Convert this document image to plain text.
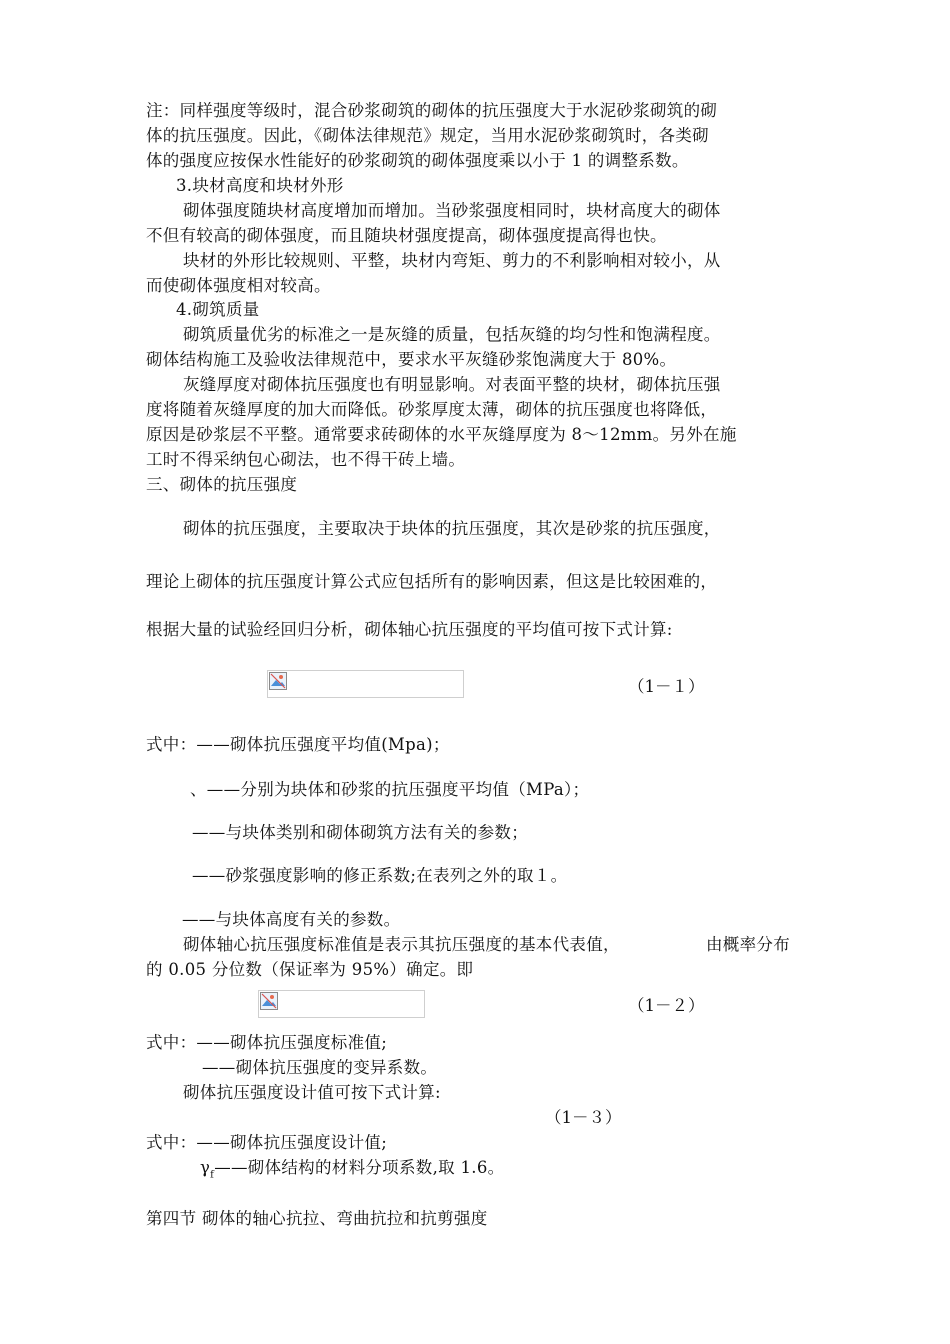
注：同样强度等级时，混合砂浆砌筑的砌体的抗压强度大于水泥砂浆砌筑的砌
体的抗压强度。因此，《砌体法律规范》规定，当用水泥砂浆砌筑时，各类砌
体的强度应按保水性能好的砂浆砌筑的砌体强度乘以小于 1 的调整系数。
3.块材高度和块材外形
砌体强度随块材高度增加而增加。当砂浆强度相同时，块材高度大的砌体
不但有较高的砌体强度，而且随块材强度提高，砌体强度提高得也快。
块材的外形比较规则、平整，块材内弯矩、剪力的不利影响相对较小，从
而使砌体强度相对较高。
4.砌筑质量
砌筑质量优劣的标准之一是灰缝的质量，包括灰缝的均匀性和饱满程度。
砌体结构施工及验收法律规范中，要求水平灰缝砂浆饱满度大于 80%。
灰缝厚度对砌体抗压强度也有明显影响。对表面平整的块材，砌体抗压强
度将随着灰缝厚度的加大而降低。砂浆厚度太薄，砌体的抗压强度也将降低，
原因是砂浆层不平整。通常要求砖砌体的水平灰缝厚度为 8～12mm。另外在施
工时不得采纳包心砌法，也不得干砖上墙。
三、砌体的抗压强度
砌体的抗压强度，主要取决于块体的抗压强度，其次是砂浆的抗压强度，
理论上砌体的抗压强度计算公式应包括所有的影响因素，但这是比较困难的，
根据大量的试验经回归分析，砌体轴心抗压强度的平均值可按下式计算:
（1－１）
式中：——砌体抗压强度平均值(Mpa)；
、——分别为块体和砂浆的抗压强度平均值（MPa）；
——与块体类别和砌体砌筑方法有关的参数；
——砂浆强度影响的修正系数;在表列之外的取１。
——与块体高度有关的参数。
砌体轴心抗压强度标准值是表示其抗压强度的基本代表值，	由概率分布
的 0.05 分位数（保证率为 95%）确定。即
（1－２）
式中：——砌体抗压强度标准值;
——砌体抗压强度的变异系数。
砌体抗压强度设计值可按下式计算:
（1－３）
式中：——砌体抗压强度设计值;
$\gamma_f——$砌体结构的材料分项系数,取 1.6。
第四节 砌体的轴心抗拉、弯曲抗拉和抗剪强度
